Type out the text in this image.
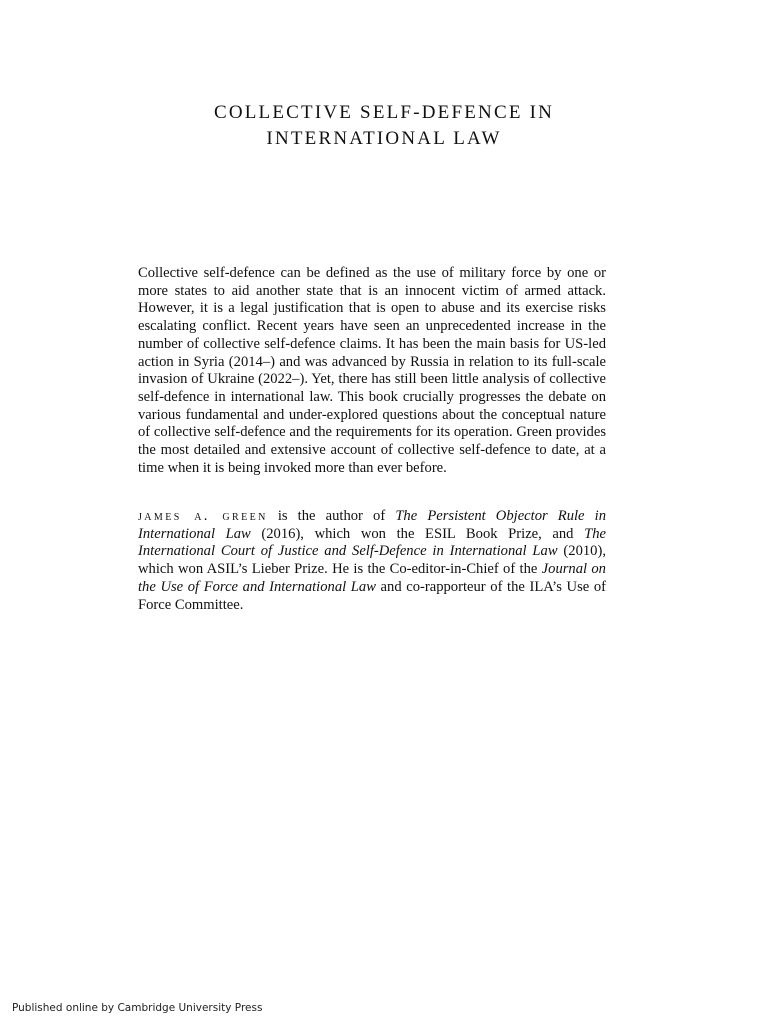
COLLECTIVE SELF-DEFENCE IN
INTERNATIONAL LAW

Collective self-defence can be defined as the use of military force by one or more states to aid another state that is an innocent victim of armed attack. However, it is a legal justification that is open to abuse and its exercise risks escalating conflict. Recent years have seen an unprecedented increase in the number of collective self-defence claims. It has been the main basis for US-led action in Syria (2014–) and was advanced by Russia in relation to its full-scale invasion of Ukraine (2022–). Yet, there has still been little analysis of collective self-defence in international law. This book crucially progresses the debate on various fundamental and under-explored questions about the conceptual nature of collective self-defence and the requirements for its operation. Green provides the most detailed and extensive account of collective self-defence to date, at a time when it is being invoked more than ever before.

james a. green is the author of The Persistent Objector Rule in International Law (2016), which won the ESIL Book Prize, and The International Court of Justice and Self-Defence in International Law (2010), which won ASIL’s Lieber Prize. He is the Co-editor-in-Chief of the Journal on the Use of Force and International Law and co-rapporteur of the ILA’s Use of Force Committee.

Published online by Cambridge University Press
